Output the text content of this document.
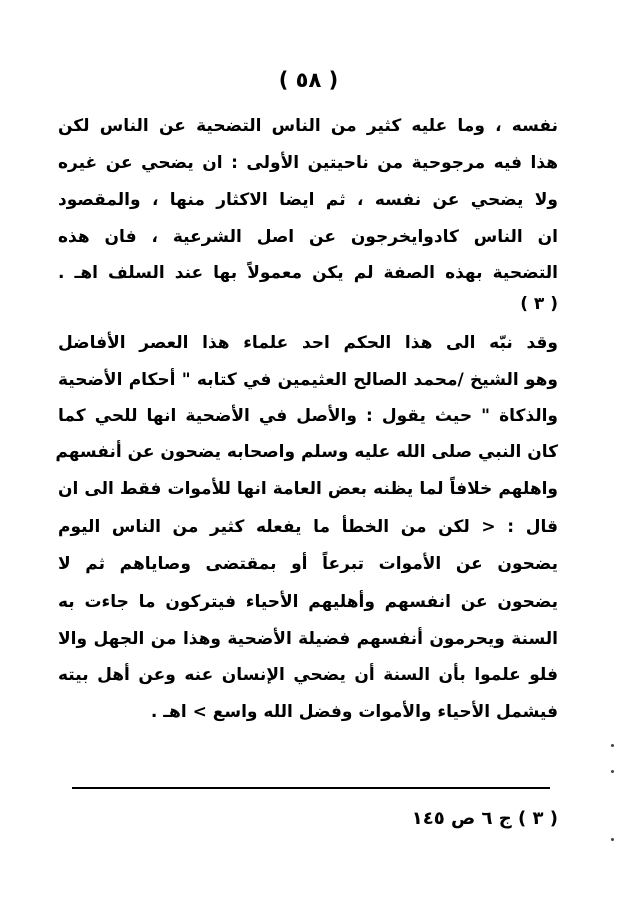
( ٥٨ )
نفسه ، وما عليه كثير من الناس التضحية عن الناس لكن
هذا فيه مرجوحية من ناحيتين الأولى : ان يضحي عن غيره
ولا يضحي عن نفسه ، ثم ايضا الاكثار منها ، والمقصود
ان الناس كادوايخرجون عن اصل الشرعية ، فان هذه
التضحية بهذه الصفة لم يكن معمولاً بها عند السلف اهـ .
( ٣ )
وقد نبّه الى هذا الحكم احد علماء هذا العصر الأفاضل
وهو الشيخ /محمد الصالح العثيمين في كتابه " أحكام الأضحية
والذكاة " حيث يقول : والأصل في الأضحية انها للحي كما
كان النبي صلى الله عليه وسلم واصحابه يضحون عن أنفسهم
واهلهم خلافاً لما يظنه بعض العامة انها للأموات فقط الى ان
قال : < لكن من الخطأ ما يفعله كثير من الناس اليوم
يضحون عن الأموات تبرعاً أو بمقتضى وصاياهم ثم لا
يضحون عن انفسهم وأهليهم الأحياء فيتركون ما جاءت به
السنة ويحرمون أنفسهم فضيلة الأضحية وهذا من الجهل والا
فلو علموا بأن السنة أن يضحي الإنسان عنه وعن أهل بيته
فيشمل الأحياء والأموات وفضل الله واسع > اهـ .
( ٣ ) ج ٦ ص ١٤٥
